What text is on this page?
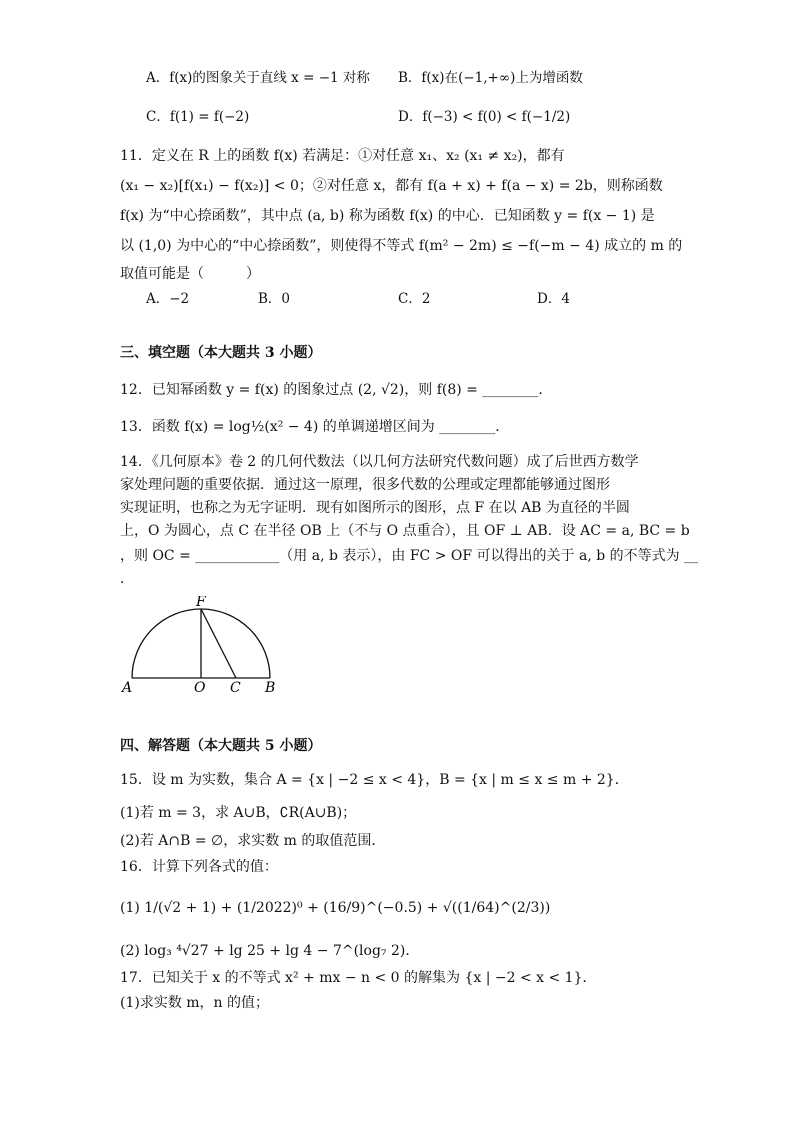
A．f(x)的图象关于直线 x = −1 对称 B．f(x)在(−1,+∞)上为增函数
C．f(1) = f(−2)	D．f(−3) < f(0) < f(−1/2)
11．定义在 R 上的函数 f(x) 若满足：①对任意 x₁、x₂ (x₁ ≠ x₂)，都有
(x₁ − x₂)[f(x₁) − f(x₂)] < 0；②对任意 x，都有 f(a + x) + f(a − x) = 2b，则称函数
f(x) 为“中心捺函数”，其中点 (a, b) 称为函数 f(x) 的中心．已知函数 y = f(x − 1) 是
以 (1,0) 为中心的“中心捺函数”，则使得不等式 f(m² − 2m) ≤ −f(−m − 4) 成立的 m 的
取值可能是（　　　）
A．−2	B．0	C．2	D．4
三、填空题（本大题共 3 小题）
12．已知幂函数 y = f(x) 的图象过点 (2, √2)，则 f(8) = ________．
13．函数 f(x) = log½(x² − 4) 的单调递增区间为 ________．
14．《几何原本》卷 2 的几何代数法（以几何方法研究代数问题）成了后世西方数学
家处理问题的重要依据．通过这一原理，很多代数的公理或定理都能够通过图形
实现证明，也称之为无字证明．现有如图所示的图形，点 F 在以 AB 为直径的半圆
上，O 为圆心，点 C 在半径 OB 上（不与 O 点重合），且 OF ⊥ AB．设 AC = a, BC = b
，则 OC = ____________（用 a, b 表示），由 FC > OF 可以得出的关于 a, b 的不等式为 __
．
F
A	O C B
四、解答题（本大题共 5 小题）
15．设 m 为实数，集合 A = {x | −2 ≤ x < 4}，B = {x | m ≤ x ≤ m + 2}．
(1)若 m = 3，求 A∪B，∁R(A∪B)；
(2)若 A∩B = ∅，求实数 m 的取值范围．
16．计算下列各式的值：
(1) 1/(√2 + 1) + (1/2022)⁰ + (16/9)^(−0.5) + √((1/64)^(2/3))
(2) log₃ ⁴√27 + lg 25 + lg 4 − 7^(log₇ 2)．
17．已知关于 x 的不等式 x² + mx − n < 0 的解集为 {x | −2 < x < 1}．
(1)求实数 m，n 的值；
